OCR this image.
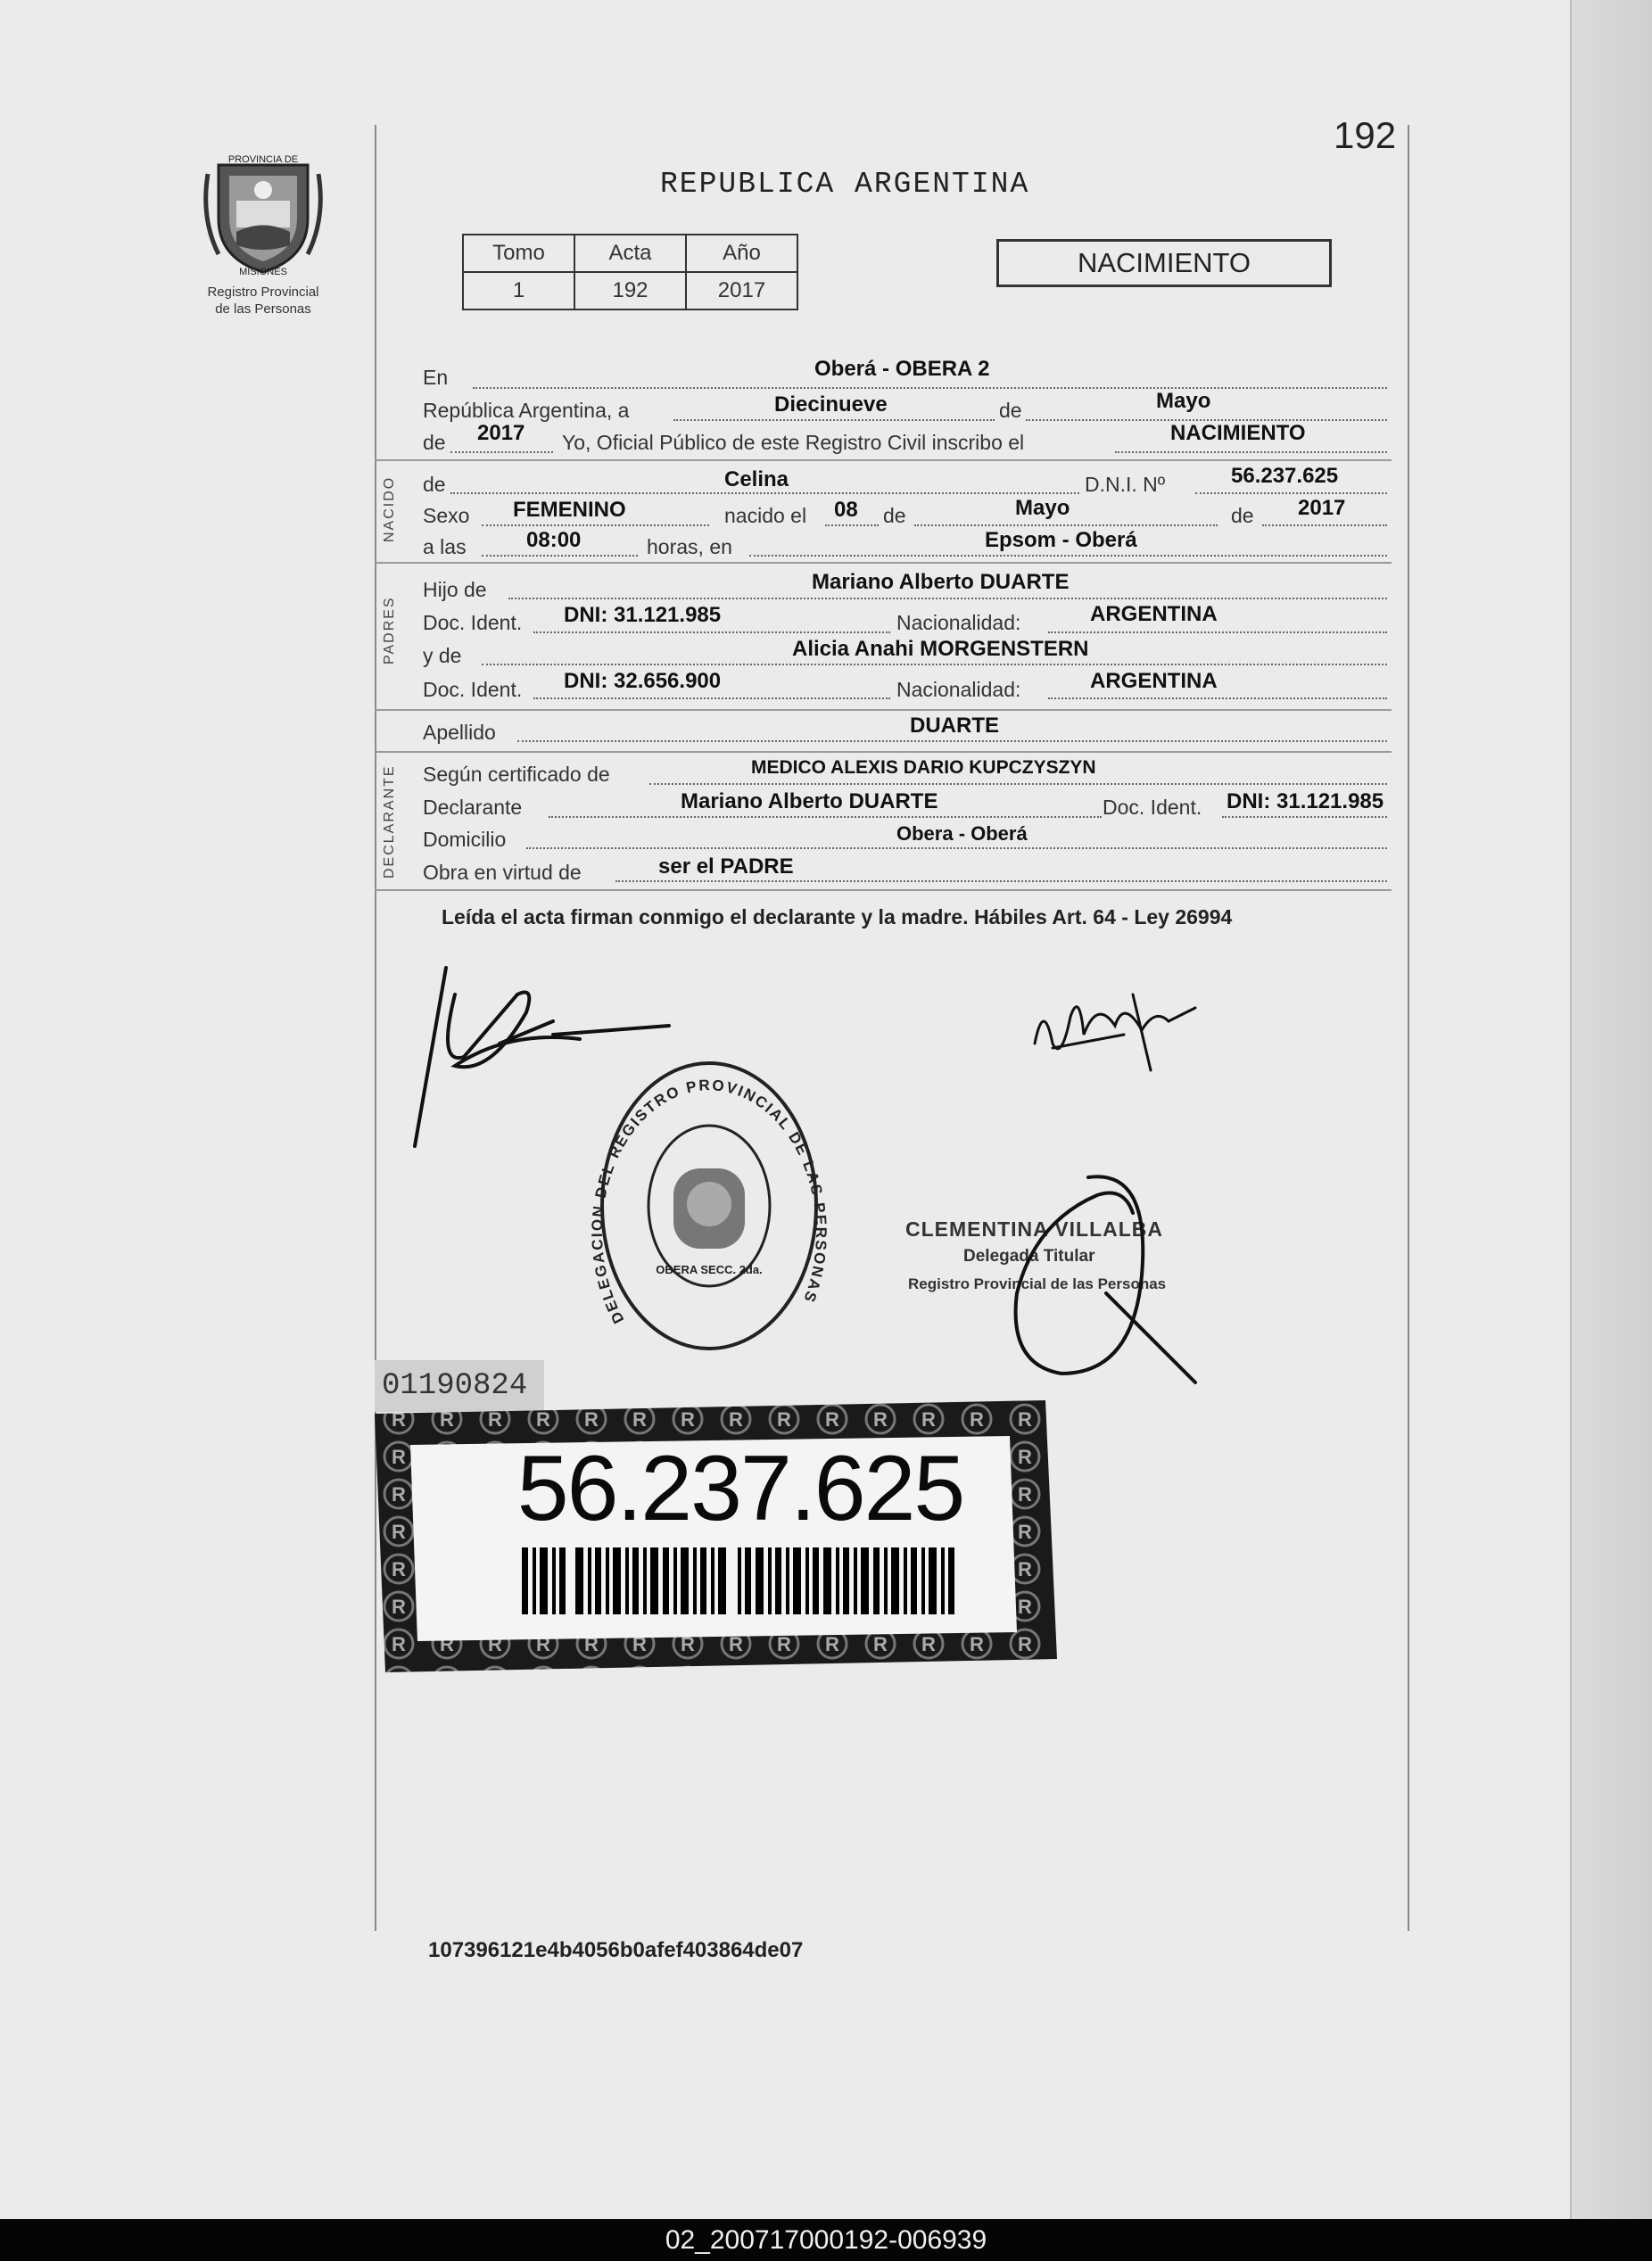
192
PROVINCIA DE
MISIONES
Registro Provincial
de las Personas
REPUBLICA ARGENTINA
Tomo	Acta	Año
1	192	2017
NACIMIENTO
NACIDO
PADRES
DECLARANTE
En	Oberá - OBERA 2
República Argentina, a	Diecinueve	de	Mayo
de 2017 Yo, Oficial Público de este Registro Civil inscribo el	NACIMIENTO
de	Celina	D.N.I. Nº	56.237.625
Sexo FEMENINO	nacido el 08 de	Mayo	de 2017
a las	08:00	horas, en	Epsom - Oberá
Hijo de	Mariano Alberto DUARTE
Doc. Ident. DNI: 31.121.985	Nacionalidad:	ARGENTINA
y de	Alicia Anahi MORGENSTERN
Doc. Ident. DNI: 32.656.900	Nacionalidad:	ARGENTINA
Apellido	DUARTE
Según certificado de	MEDICO ALEXIS DARIO KUPCZYSZYN
Declarante	Mariano Alberto DUARTE	Doc. Ident. DNI: 31.121.985
Domicilio	Obera - Oberá
Obra en virtud de	ser el PADRE
Leída el acta firman conmigo el declarante y la madre. Hábiles Art. 64 - Ley 26994
DELEGACION DEL REGISTRO PROVINCIAL DE LAS PERSONAS
OBERA SECC. 2da.
CLEMENTINA VILLALBA
Delegada Titular
Registro Provincial de las Personas
01190824
56.237.625
107396121e4b4056b0afef403864de07
02_200717000192-006939
